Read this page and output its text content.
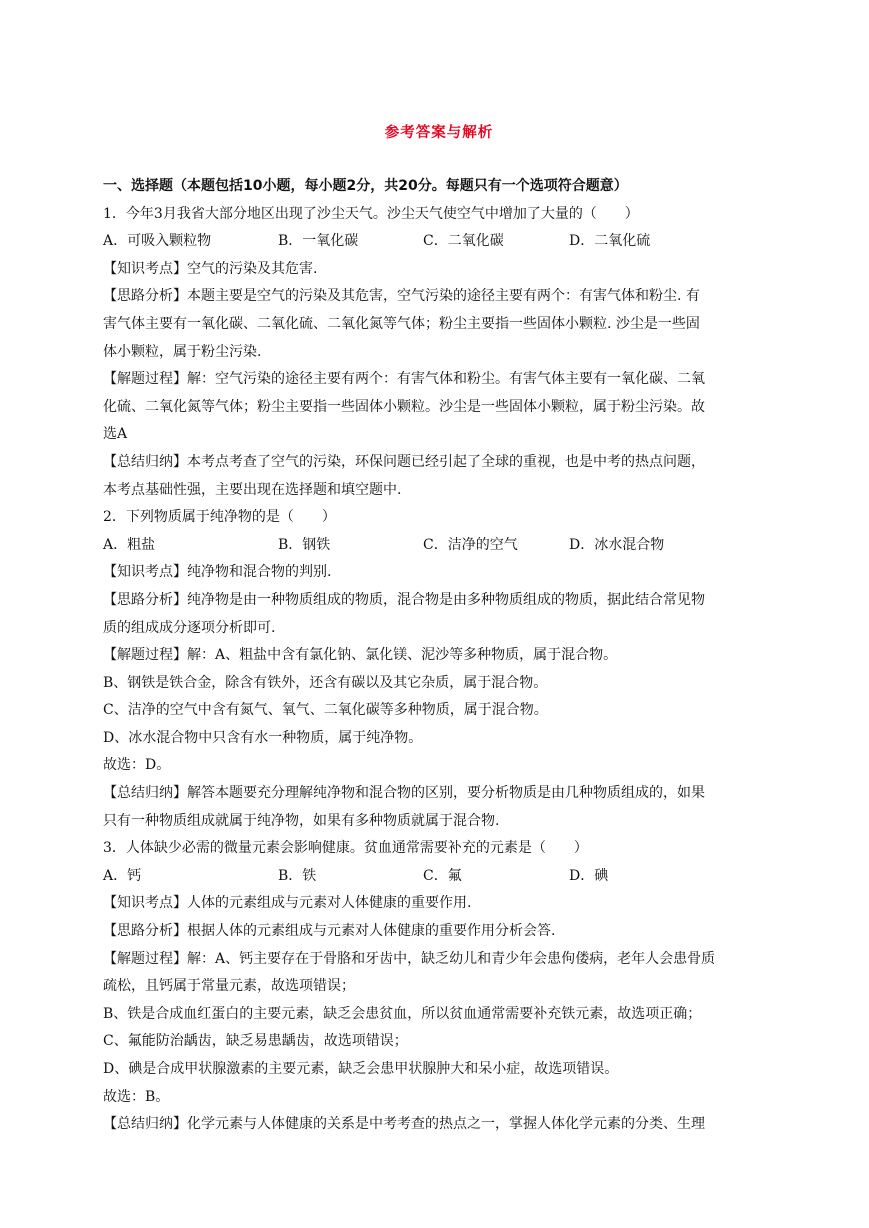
参考答案与解析
一、选择题（本题包括10小题，每小题2分，共20分。每题只有一个选项符合题意）
1．今年3月我省大部分地区出现了沙尘天气。沙尘天气使空气中增加了大量的（　　）
A．可吸入颗粒物	B．一氧化碳	C．二氧化碳	D．二氧化硫
【知识考点】空气的污染及其危害.
【思路分析】本题主要是空气的污染及其危害，空气污染的途径主要有两个：有害气体和粉尘. 有
害气体主要有一氧化碳、二氧化硫、二氧化氮等气体；粉尘主要指一些固体小颗粒. 沙尘是一些固
体小颗粒，属于粉尘污染.
【解题过程】解：空气污染的途径主要有两个：有害气体和粉尘。有害气体主要有一氧化碳、二氧
化硫、二氧化氮等气体；粉尘主要指一些固体小颗粒。沙尘是一些固体小颗粒，属于粉尘污染。故
选A
【总结归纳】本考点考查了空气的污染，环保问题已经引起了全球的重视，也是中考的热点问题，
本考点基础性强，主要出现在选择题和填空题中.
2．下列物质属于纯净物的是（　　）
A．粗盐	B．钢铁	C．洁净的空气	D．冰水混合物
【知识考点】纯净物和混合物的判别.
【思路分析】纯净物是由一种物质组成的物质，混合物是由多种物质组成的物质，据此结合常见物
质的组成成分逐项分析即可.
【解题过程】解：A、粗盐中含有氯化钠、氯化镁、泥沙等多种物质，属于混合物。
B、钢铁是铁合金，除含有铁外，还含有碳以及其它杂质，属于混合物。
C、洁净的空气中含有氮气、氧气、二氧化碳等多种物质，属于混合物。
D、冰水混合物中只含有水一种物质，属于纯净物。
故选：D。
【总结归纳】解答本题要充分理解纯净物和混合物的区别，要分析物质是由几种物质组成的，如果
只有一种物质组成就属于纯净物，如果有多种物质就属于混合物.
3．人体缺少必需的微量元素会影响健康。贫血通常需要补充的元素是（　　）
A．钙	B．铁	C．氟	D．碘
【知识考点】人体的元素组成与元素对人体健康的重要作用.
【思路分析】根据人体的元素组成与元素对人体健康的重要作用分析会答.
【解题过程】解：A、钙主要存在于骨胳和牙齿中，缺乏幼儿和青少年会患佝偻病，老年人会患骨质
疏松，且钙属于常量元素，故选项错误；
B、铁是合成血红蛋白的主要元素，缺乏会患贫血，所以贫血通常需要补充铁元素，故选项正确；
C、氟能防治龋齿，缺乏易患龋齿，故选项错误；
D、碘是合成甲状腺激素的主要元素，缺乏会患甲状腺肿大和呆小症，故选项错误。
故选：B。
【总结归纳】化学元素与人体健康的关系是中考考查的热点之一，掌握人体化学元素的分类、生理
